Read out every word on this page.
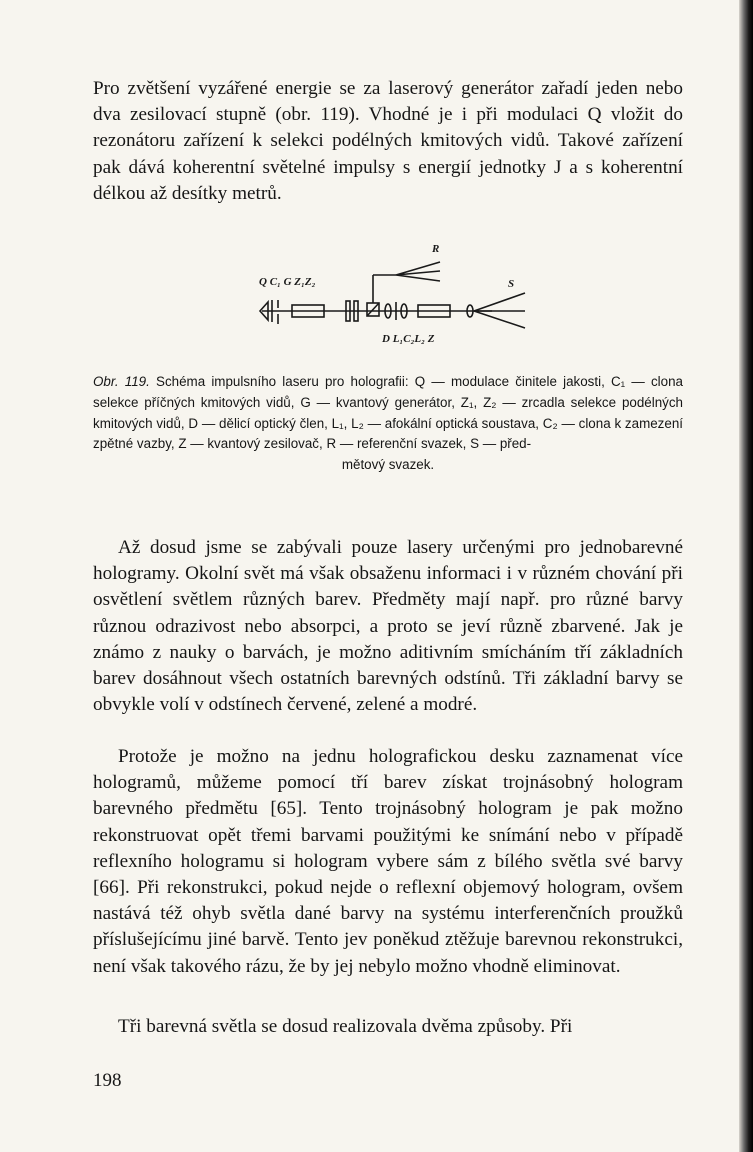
Pro zvětšení vyzářené energie se za laserový generátor zařadí jeden nebo dva zesilovací stupně (obr. 119). Vhodné je i při modulaci Q vložit do rezonátoru zařízení k selekci podélných kmitových vidů. Takové zařízení pak dává koherentní světelné impulsy s energií jednotky J a s koherentní délkou až desítky metrů.

Q C₁ G Z₁Z₂
R
S
D L₁C₂L₂ Z

Obr. 119. Schéma impulsního laseru pro holografii: Q — modulace činitele jakosti, C₁ — clona selekce příčných kmitových vidů, G — kvantový generátor, Z₁, Z₂ — zrcadla selekce podélných kmitových vidů, D — dělicí optický člen, L₁, L₂ — afokální optická soustava, C₂ — clona k zamezení zpětné vazby, Z — kvantový zesilovač, R — referenční svazek, S — před-
mětový svazek.

Až dosud jsme se zabývali pouze lasery určenými pro jednobarevné hologramy. Okolní svět má však obsaženu informaci i v různém chování při osvětlení světlem různých barev. Předměty mají např. pro různé barvy různou odrazivost nebo absorpci, a proto se jeví různě zbarvené. Jak je známo z nauky o barvách, je možno aditivním smícháním tří základních barev dosáhnout všech ostatních barevných odstínů. Tři základní barvy se obvykle volí v odstínech červené, zelené a modré.

Protože je možno na jednu holografickou desku zaznamenat více hologramů, můžeme pomocí tří barev získat trojnásobný hologram barevného předmětu [65]. Tento trojnásobný hologram je pak možno rekonstruovat opět třemi barvami použitými ke snímání nebo v případě reflexního hologramu si hologram vybere sám z bílého světla své barvy [66]. Při rekonstrukci, pokud nejde o reflexní objemový hologram, ovšem nastává též ohyb světla dané barvy na systému interferenčních proužků příslušejícímu jiné barvě. Tento jev poněkud ztěžuje barevnou rekonstrukci, není však takového rázu, že by jej nebylo možno vhodně eliminovat.

Tři barevná světla se dosud realizovala dvěma způsoby. Při

198
